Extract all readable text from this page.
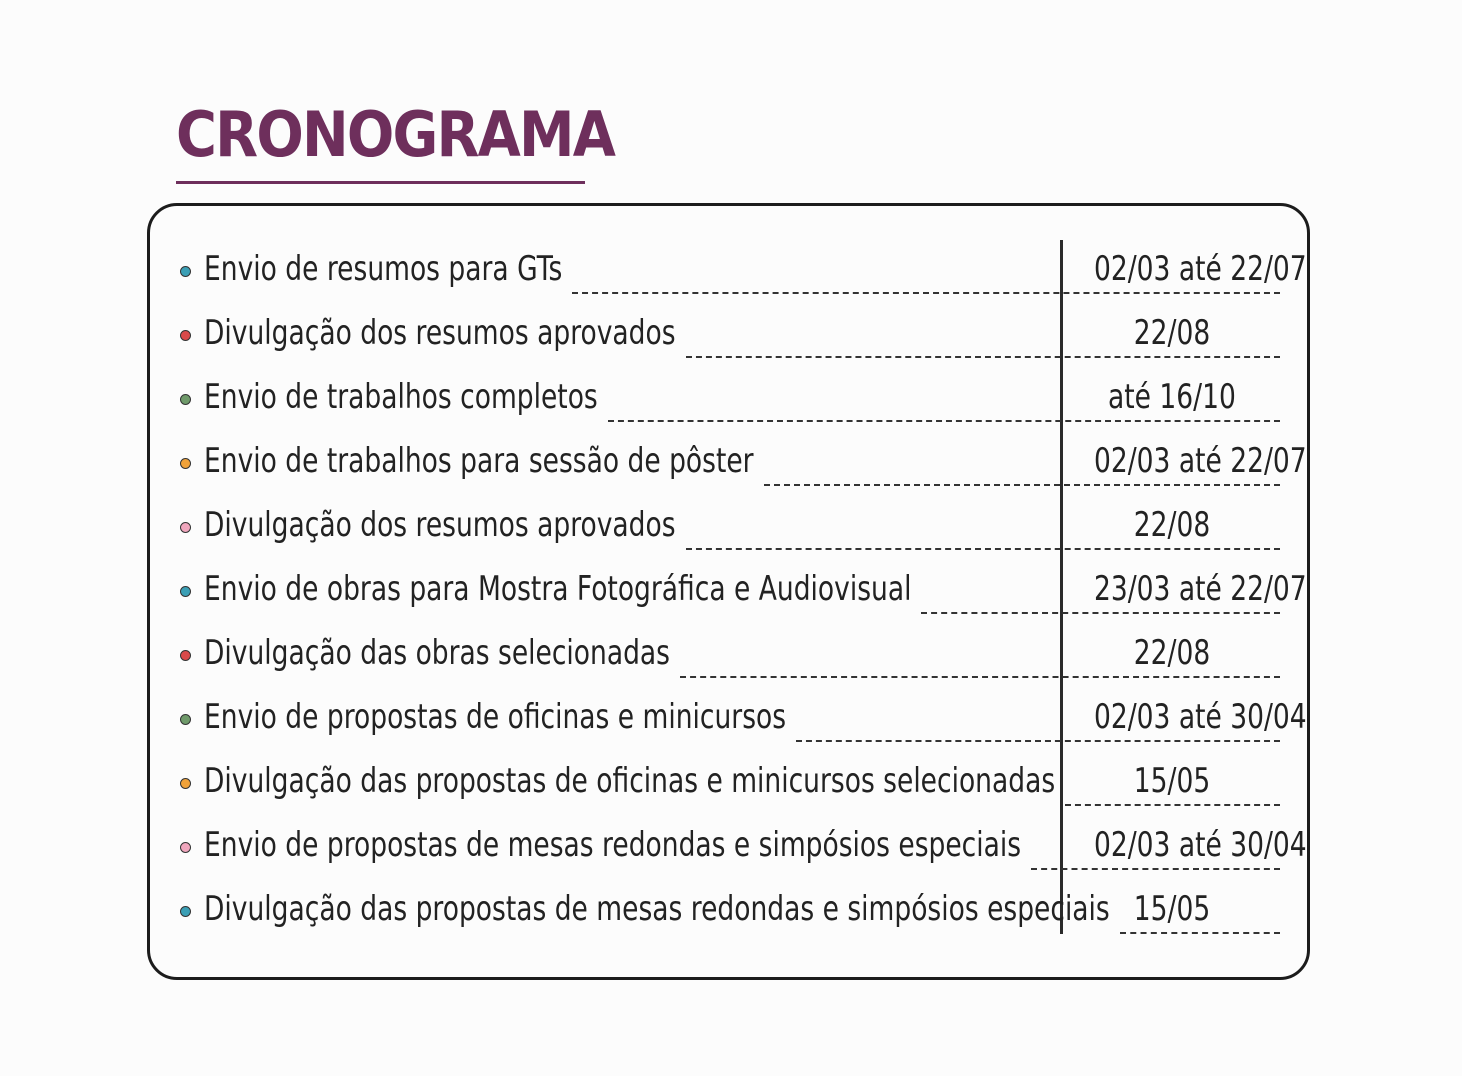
CRONOGRAMA
Envio de resumos para GTs	02/03 até 22/07
Divulgação dos resumos aprovados	22/08
Envio de trabalhos completos	até 16/10
Envio de trabalhos para sessão de pôster	02/03 até 22/07
Divulgação dos resumos aprovados	22/08
Envio de obras para Mostra Fotográfica e Audiovisual	23/03 até 22/07
Divulgação das obras selecionadas	22/08
Envio de propostas de oficinas e minicursos	02/03 até 30/04
Divulgação das propostas de oficinas e minicursos selecionadas	15/05
Envio de propostas de mesas redondas e simpósios especiais	02/03 até 30/04
Divulgação das propostas de mesas redondas e simpósios especiais 15/05
